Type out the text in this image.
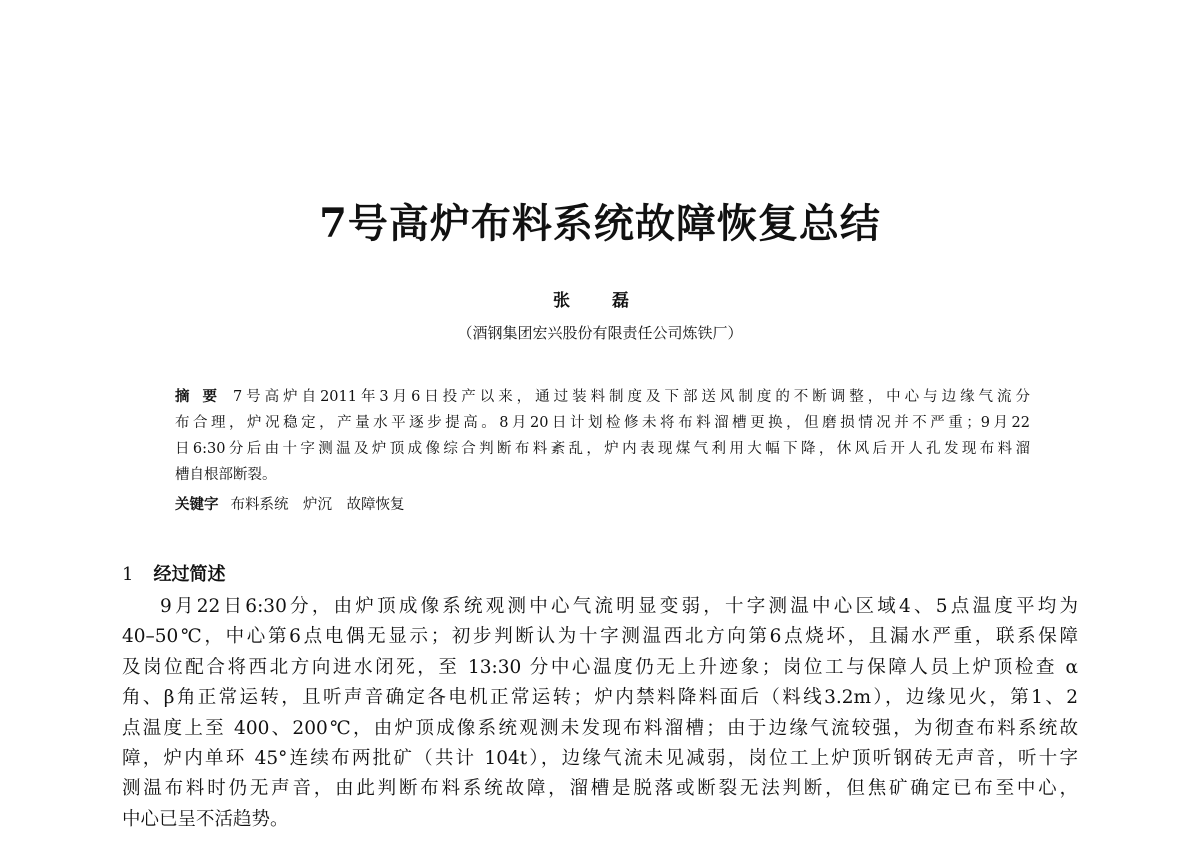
7号高炉布料系统故障恢复总结
张 磊
（酒钢集团宏兴股份有限责任公司炼铁厂）
摘 要 7号高炉自2011年3月6日投产以来，通过装料制度及下部送风制度的不断调整，中心与边缘气流分
布合理，炉况稳定，产量水平逐步提高。8月20日计划检修未将布料溜槽更换，但磨损情况并不严重；9月22
日6:30分后由十字测温及炉顶成像综合判断布料紊乱，炉内表现煤气利用大幅下降，休风后开人孔发现布料溜
槽自根部断裂。
关键字 布料系统　炉沉　故障恢复
1 经过简述
9月22日6:30分，由炉顶成像系统观测中心气流明显变弱，十字测温中心区域4、5点温度平均为
40–50℃，中心第6点电偶无显示；初步判断认为十字测温西北方向第6点烧坏，且漏水严重，联系保障
及岗位配合将西北方向进水闭死，至 13:30 分中心温度仍无上升迹象；岗位工与保障人员上炉顶检查 α
角、β角正常运转，且听声音确定各电机正常运转；炉内禁料降料面后（料线3.2m），边缘见火，第1、2
点温度上至 400、200℃，由炉顶成像系统观测未发现布料溜槽；由于边缘气流较强，为彻查布料系统故
障，炉内单环 45°连续布两批矿（共计 104t），边缘气流未见减弱，岗位工上炉顶听钢砖无声音，听十字
测温布料时仍无声音，由此判断布料系统故障，溜槽是脱落或断裂无法判断，但焦矿确定已布至中心，
中心已呈不活趋势。
